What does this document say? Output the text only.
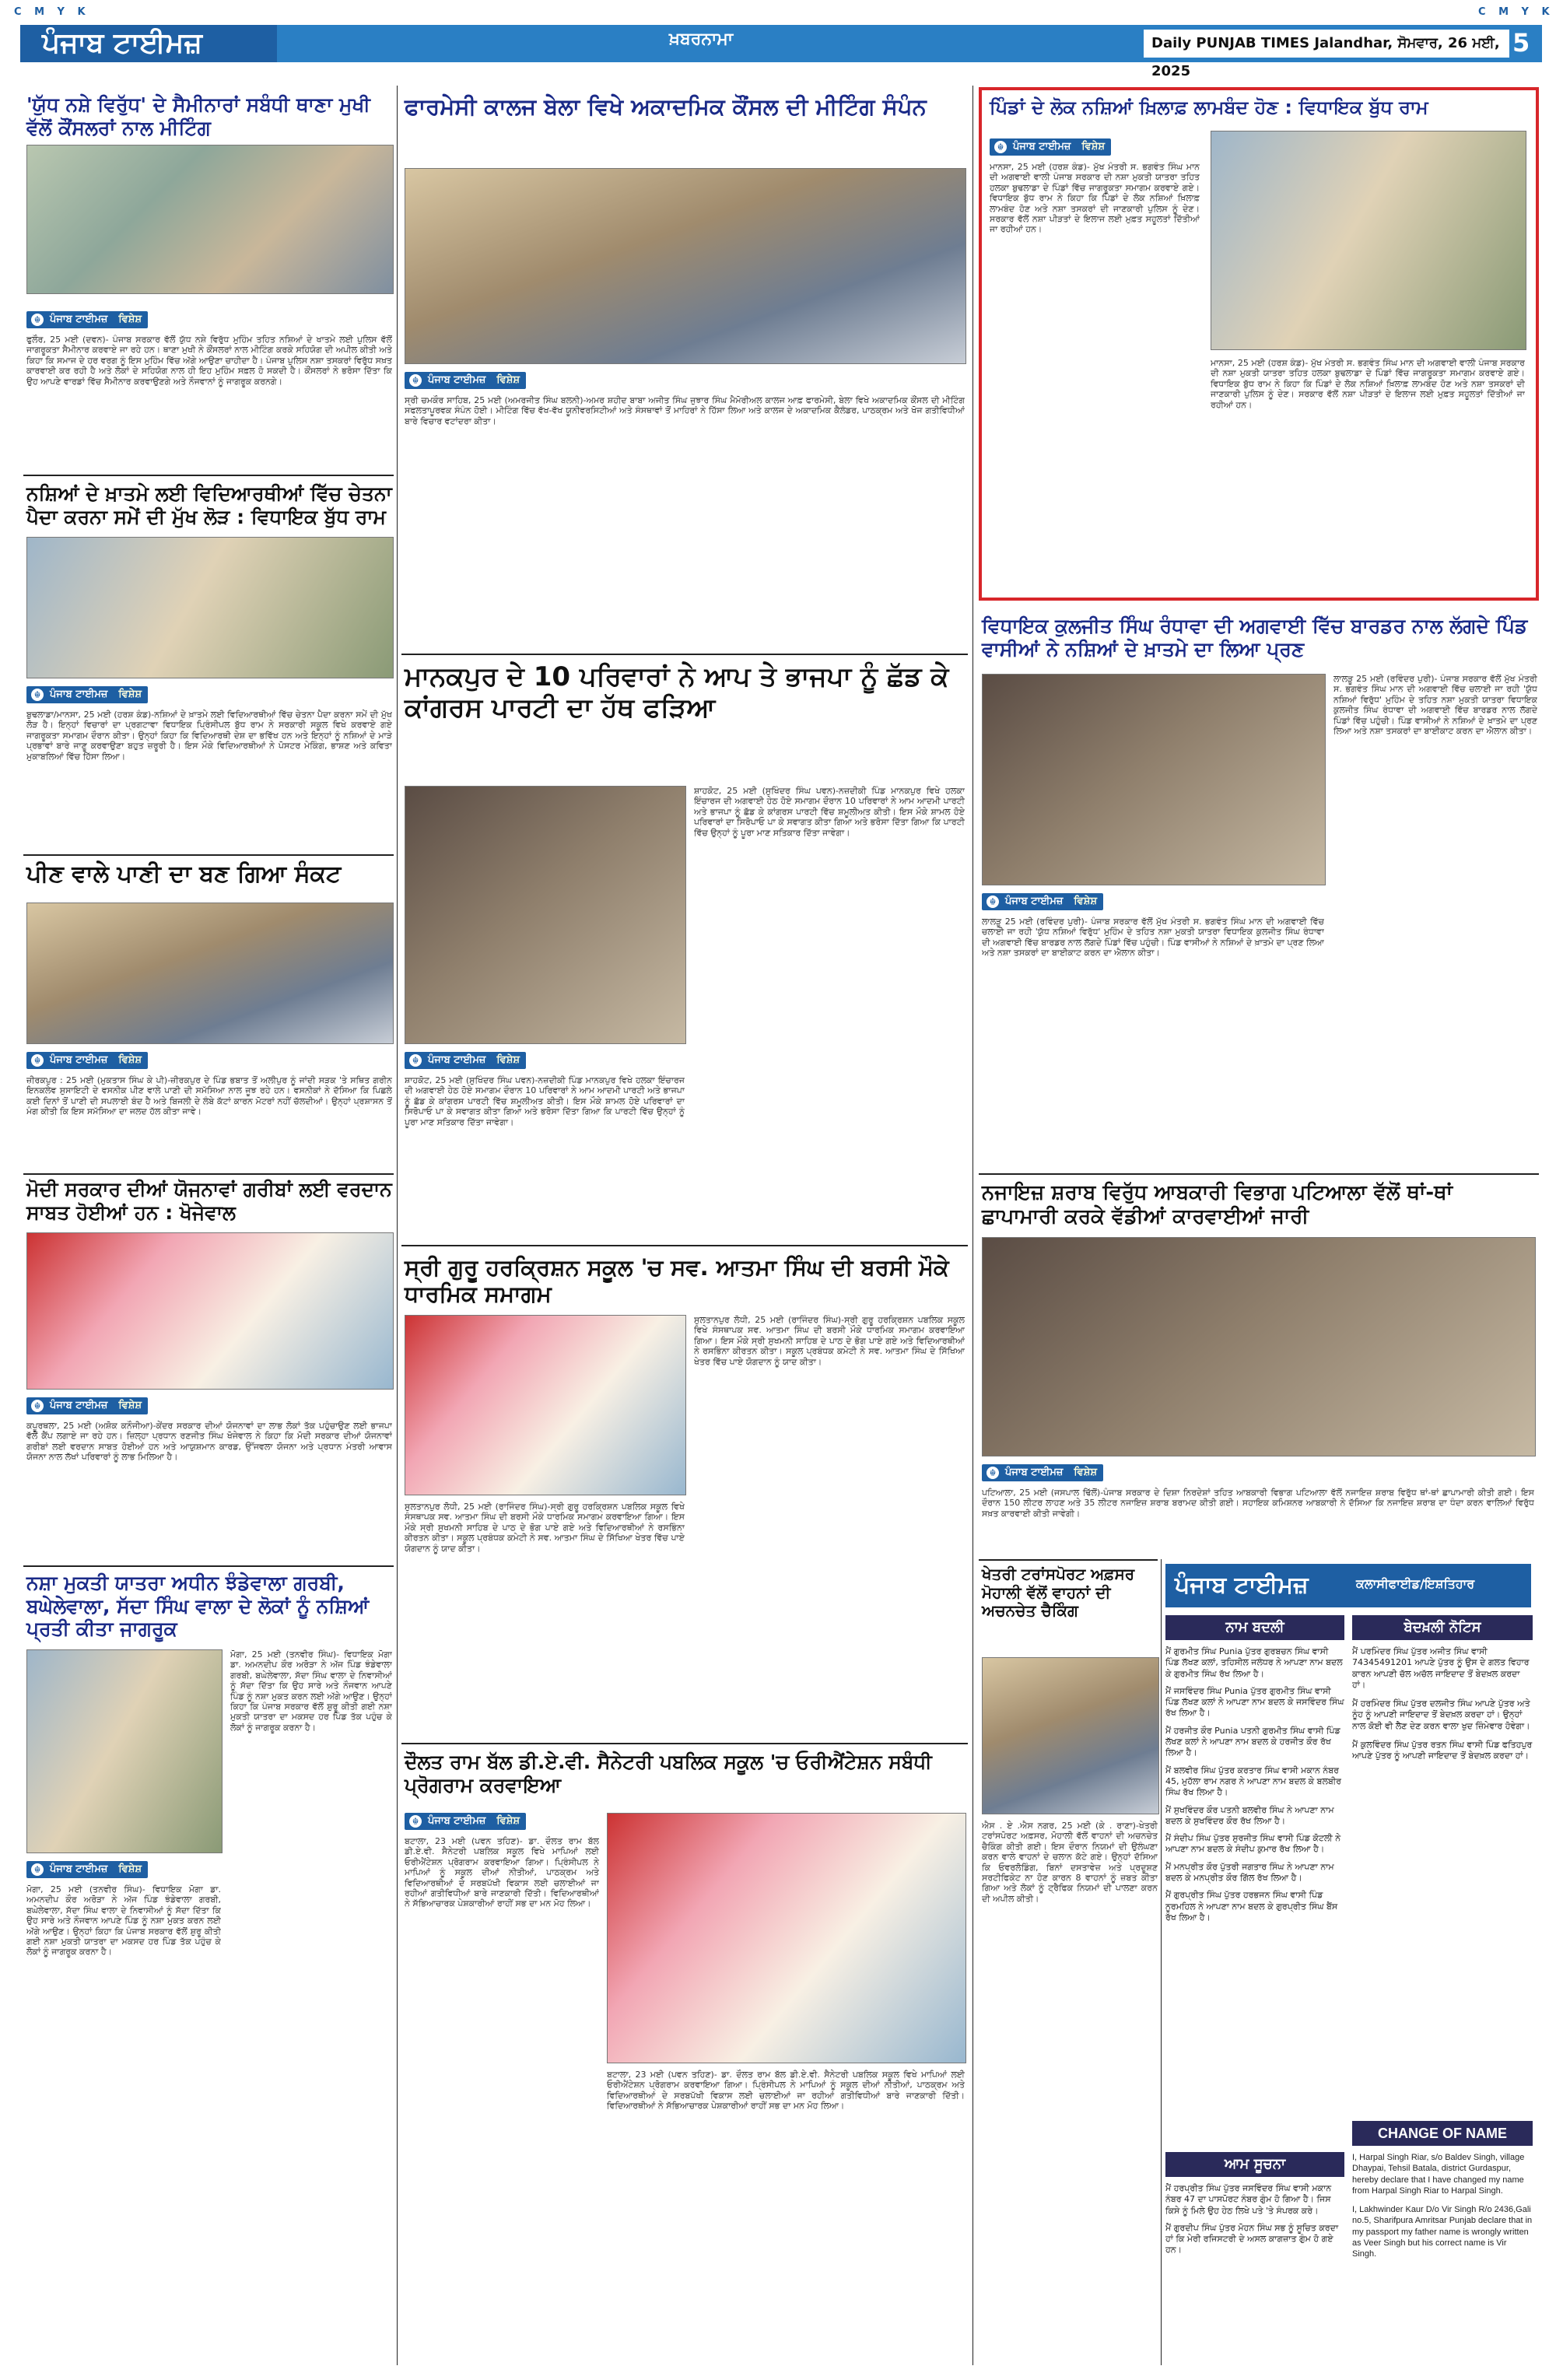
C M Y K	C M Y K
ਪੰਜਾਬ ਟਾਈਮਜ਼	ਖ਼ਬਰਨਾਮਾ	Daily PUNJAB TIMES Jalandhar, ਸੋਮਵਾਰ, 26 ਮਈ, 2025
5
'ਯੁੱਧ ਨਸ਼ੇ ਵਿਰੁੱਧ' ਦੇ ਸੈਮੀਨਾਰਾਂ ਸਬੰਧੀ ਥਾਣਾ ਮੁਖੀ ਵੱਲੋਂ ਕੌਂਸਲਰਾਂ ਨਾਲ ਮੀਟਿੰਗ
☬ ਪੰਜਾਬ ਟਾਈਮਜ਼ ਵਿਸ਼ੇਸ਼
ਫੁਲੌਰ, 25 ਮਈ (ਦਵਨ)- ਪੰਜਾਬ ਸਰਕਾਰ ਵੱਲੋਂ ਯੁੱਧ ਨਸ਼ੇ ਵਿਰੁੱਧ ਮੁਹਿੰਮ ਤਹਿਤ ਨਸ਼ਿਆਂ ਦੇ ਖਾਤਮੇ ਲਈ ਪੁਲਿਸ ਵੱਲੋਂ ਜਾਗਰੂਕਤਾ ਸੈਮੀਨਾਰ ਕਰਵਾਏ ਜਾ ਰਹੇ ਹਨ। ਥਾਣਾ ਮੁਖੀ ਨੇ ਕੌਂਸਲਰਾਂ ਨਾਲ ਮੀਟਿੰਗ ਕਰਕੇ ਸਹਿਯੋਗ ਦੀ ਅਪੀਲ ਕੀਤੀ ਅਤੇ ਕਿਹਾ ਕਿ ਸਮਾਜ ਦੇ ਹਰ ਵਰਗ ਨੂੰ ਇਸ ਮੁਹਿੰਮ ਵਿੱਚ ਅੱਗੇ ਆਉਣਾ ਚਾਹੀਦਾ ਹੈ। ਪੰਜਾਬ ਪੁਲਿਸ ਨਸ਼ਾ ਤਸਕਰਾਂ ਵਿਰੁੱਧ ਸਖ਼ਤ ਕਾਰਵਾਈ ਕਰ ਰਹੀ ਹੈ ਅਤੇ ਲੋਕਾਂ ਦੇ ਸਹਿਯੋਗ ਨਾਲ ਹੀ ਇਹ ਮੁਹਿੰਮ ਸਫ਼ਲ ਹੋ ਸਕਦੀ ਹੈ। ਕੌਂਸਲਰਾਂ ਨੇ ਭਰੋਸਾ ਦਿੱਤਾ ਕਿ ਉਹ ਆਪਣੇ ਵਾਰਡਾਂ ਵਿੱਚ ਸੈਮੀਨਾਰ ਕਰਵਾਉਣਗੇ ਅਤੇ ਨੌਜਵਾਨਾਂ ਨੂੰ ਜਾਗਰੂਕ ਕਰਨਗੇ।
ਨਸ਼ਿਆਂ ਦੇ ਖ਼ਾਤਮੇ ਲਈ ਵਿਦਿਆਰਥੀਆਂ ਵਿੱਚ ਚੇਤਨਾ ਪੈਦਾ ਕਰਨਾ ਸਮੇਂ ਦੀ ਮੁੱਖ ਲੋੜ : ਵਿਧਾਇਕ ਬੁੱਧ ਰਾਮ
☬ ਪੰਜਾਬ ਟਾਈਮਜ਼ ਵਿਸ਼ੇਸ਼
ਬੁਢਲਾਡਾ/ਮਾਨਸਾ, 25 ਮਈ (ਹਰਸ਼ ਕੰਡ)-ਨਸ਼ਿਆਂ ਦੇ ਖ਼ਾਤਮੇ ਲਈ ਵਿਦਿਆਰਥੀਆਂ ਵਿੱਚ ਚੇਤਨਾ ਪੈਦਾ ਕਰਨਾ ਸਮੇਂ ਦੀ ਮੁੱਖ ਲੋੜ ਹੈ। ਇਨ੍ਹਾਂ ਵਿਚਾਰਾਂ ਦਾ ਪ੍ਰਗਟਾਵਾ ਵਿਧਾਇਕ ਪ੍ਰਿੰਸੀਪਲ ਬੁੱਧ ਰਾਮ ਨੇ ਸਰਕਾਰੀ ਸਕੂਲ ਵਿਖੇ ਕਰਵਾਏ ਗਏ ਜਾਗਰੂਕਤਾ ਸਮਾਗਮ ਦੌਰਾਨ ਕੀਤਾ। ਉਨ੍ਹਾਂ ਕਿਹਾ ਕਿ ਵਿਦਿਆਰਥੀ ਦੇਸ਼ ਦਾ ਭਵਿੱਖ ਹਨ ਅਤੇ ਇਨ੍ਹਾਂ ਨੂੰ ਨਸ਼ਿਆਂ ਦੇ ਮਾੜੇ ਪ੍ਰਭਾਵਾਂ ਬਾਰੇ ਜਾਣੂ ਕਰਵਾਉਣਾ ਬਹੁਤ ਜ਼ਰੂਰੀ ਹੈ। ਇਸ ਮੌਕੇ ਵਿਦਿਆਰਥੀਆਂ ਨੇ ਪੋਸਟਰ ਮੇਕਿੰਗ, ਭਾਸ਼ਣ ਅਤੇ ਕਵਿਤਾ ਮੁਕਾਬਲਿਆਂ ਵਿੱਚ ਹਿੱਸਾ ਲਿਆ।
ਪੀਣ ਵਾਲੇ ਪਾਣੀ ਦਾ ਬਣ ਗਿਆ ਸੰਕਟ
☬ ਪੰਜਾਬ ਟਾਈਮਜ਼ ਵਿਸ਼ੇਸ਼
ਜ਼ੀਰਕਪੁਰ : 25 ਮਈ (ਮੁਕਤਾਸ ਸਿੰਘ ਕੇ ਪੀ)-ਜ਼ੀਰਕਪੁਰ ਦੇ ਪਿੰਡ ਭਬਾਤ ਤੋਂ ਅਲੀਪੁਰ ਨੂੰ ਜਾਂਦੀ ਸੜਕ 'ਤੇ ਸਥਿਤ ਗਰੀਨ ਇਨਕਲੇਵ ਸੁਸਾਇਟੀ ਦੇ ਵਸਨੀਕ ਪੀਣ ਵਾਲੇ ਪਾਣੀ ਦੀ ਸਮੱਸਿਆ ਨਾਲ ਜੂਝ ਰਹੇ ਹਨ। ਵਸਨੀਕਾਂ ਨੇ ਦੱਸਿਆ ਕਿ ਪਿਛਲੇ ਕਈ ਦਿਨਾਂ ਤੋਂ ਪਾਣੀ ਦੀ ਸਪਲਾਈ ਬੰਦ ਹੈ ਅਤੇ ਬਿਜਲੀ ਦੇ ਲੰਬੇ ਕੱਟਾਂ ਕਾਰਨ ਮੋਟਰਾਂ ਨਹੀਂ ਚੱਲਦੀਆਂ। ਉਨ੍ਹਾਂ ਪ੍ਰਸ਼ਾਸਨ ਤੋਂ ਮੰਗ ਕੀਤੀ ਕਿ ਇਸ ਸਮੱਸਿਆ ਦਾ ਜਲਦ ਹੱਲ ਕੀਤਾ ਜਾਵੇ।
ਮੋਦੀ ਸਰਕਾਰ ਦੀਆਂ ਯੋਜਨਾਵਾਂ ਗਰੀਬਾਂ ਲਈ ਵਰਦਾਨ ਸਾਬਤ ਹੋਈਆਂ ਹਨ : ਖੋਜੇਵਾਲ
☬ ਪੰਜਾਬ ਟਾਈਮਜ਼ ਵਿਸ਼ੇਸ਼
ਕਪੂਰਥਲਾ, 25 ਮਈ (ਅਸ਼ੋਕ ਕਨੌਜੀਆ)-ਕੇਂਦਰ ਸਰਕਾਰ ਦੀਆਂ ਯੋਜਨਾਵਾਂ ਦਾ ਲਾਭ ਲੋਕਾਂ ਤੱਕ ਪਹੁੰਚਾਉਣ ਲਈ ਭਾਜਪਾ ਵੱਲੋਂ ਕੈਂਪ ਲਗਾਏ ਜਾ ਰਹੇ ਹਨ। ਜ਼ਿਲ੍ਹਾ ਪ੍ਰਧਾਨ ਰਣਜੀਤ ਸਿੰਘ ਖੋਜੇਵਾਲ ਨੇ ਕਿਹਾ ਕਿ ਮੋਦੀ ਸਰਕਾਰ ਦੀਆਂ ਯੋਜਨਾਵਾਂ ਗਰੀਬਾਂ ਲਈ ਵਰਦਾਨ ਸਾਬਤ ਹੋਈਆਂ ਹਨ ਅਤੇ ਆਯੁਸ਼ਮਾਨ ਕਾਰਡ, ਉੱਜਵਲਾ ਯੋਜਨਾ ਅਤੇ ਪ੍ਰਧਾਨ ਮੰਤਰੀ ਆਵਾਸ ਯੋਜਨਾ ਨਾਲ ਲੱਖਾਂ ਪਰਿਵਾਰਾਂ ਨੂੰ ਲਾਭ ਮਿਲਿਆ ਹੈ।
ਨਸ਼ਾ ਮੁਕਤੀ ਯਾਤਰਾ ਅਧੀਨ ਝੰਡੇਵਾਲਾ ਗਰਬੀ, ਬਘੇਲੇਵਾਲਾ, ਸੱਦਾ ਸਿੰਘ ਵਾਲਾ ਦੇ ਲੋਕਾਂ ਨੂੰ ਨਸ਼ਿਆਂ ਪ੍ਰਤੀ ਕੀਤਾ ਜਾਗਰੂਕ
☬ ਪੰਜਾਬ ਟਾਈਮਜ਼ ਵਿਸ਼ੇਸ਼
ਮੋਗਾ, 25 ਮਈ (ਤਨਵੀਰ ਸਿੰਘ)- ਵਿਧਾਇਕ ਮੋਗਾ ਡਾ. ਅਮਨਦੀਪ ਕੌਰ ਅਰੋੜਾ ਨੇ ਅੱਜ ਪਿੰਡ ਝੰਡੇਵਾਲਾ ਗਰਬੀ, ਬਘੇਲੇਵਾਲਾ, ਸੱਦਾ ਸਿੰਘ ਵਾਲਾ ਦੇ ਨਿਵਾਸੀਆਂ ਨੂੰ ਸੱਦਾ ਦਿੱਤਾ ਕਿ ਉਹ ਸਾਰੇ ਅਤੇ ਨੌਜਵਾਨ ਆਪਣੇ ਪਿੰਡ ਨੂੰ ਨਸ਼ਾ ਮੁਕਤ ਕਰਨ ਲਈ ਅੱਗੇ ਆਉਣ। ਉਨ੍ਹਾਂ ਕਿਹਾ ਕਿ ਪੰਜਾਬ ਸਰਕਾਰ ਵੱਲੋਂ ਸ਼ੁਰੂ ਕੀਤੀ ਗਈ ਨਸ਼ਾ ਮੁਕਤੀ ਯਾਤਰਾ ਦਾ ਮਕਸਦ ਹਰ ਪਿੰਡ ਤੱਕ ਪਹੁੰਚ ਕੇ ਲੋਕਾਂ ਨੂੰ ਜਾਗਰੂਕ ਕਰਨਾ ਹੈ।
ਮੋਗਾ, 25 ਮਈ (ਤਨਵੀਰ ਸਿੰਘ)- ਵਿਧਾਇਕ ਮੋਗਾ ਡਾ. ਅਮਨਦੀਪ ਕੌਰ ਅਰੋੜਾ ਨੇ ਅੱਜ ਪਿੰਡ ਝੰਡੇਵਾਲਾ ਗਰਬੀ, ਬਘੇਲੇਵਾਲਾ, ਸੱਦਾ ਸਿੰਘ ਵਾਲਾ ਦੇ ਨਿਵਾਸੀਆਂ ਨੂੰ ਸੱਦਾ ਦਿੱਤਾ ਕਿ ਉਹ ਸਾਰੇ ਅਤੇ ਨੌਜਵਾਨ ਆਪਣੇ ਪਿੰਡ ਨੂੰ ਨਸ਼ਾ ਮੁਕਤ ਕਰਨ ਲਈ ਅੱਗੇ ਆਉਣ। ਉਨ੍ਹਾਂ ਕਿਹਾ ਕਿ ਪੰਜਾਬ ਸਰਕਾਰ ਵੱਲੋਂ ਸ਼ੁਰੂ ਕੀਤੀ ਗਈ ਨਸ਼ਾ ਮੁਕਤੀ ਯਾਤਰਾ ਦਾ ਮਕਸਦ ਹਰ ਪਿੰਡ ਤੱਕ ਪਹੁੰਚ ਕੇ ਲੋਕਾਂ ਨੂੰ ਜਾਗਰੂਕ ਕਰਨਾ ਹੈ।
ਫਾਰਮੇਸੀ ਕਾਲਜ ਬੇਲਾ ਵਿਖੇ ਅਕਾਦਮਿਕ ਕੌਂਸਲ ਦੀ ਮੀਟਿੰਗ ਸੰਪੰਨ
☬ ਪੰਜਾਬ ਟਾਈਮਜ਼ ਵਿਸ਼ੇਸ਼
ਸ੍ਰੀ ਚਮਕੌਰ ਸਾਹਿਬ, 25 ਮਈ (ਅਮਰਜੀਤ ਸਿੰਘ ਬਲਨੀ)-ਅਮਰ ਸ਼ਹੀਦ ਬਾਬਾ ਅਜੀਤ ਸਿੰਘ ਜੁਝਾਰ ਸਿੰਘ ਮੈਮੋਰੀਅਲ ਕਾਲਜ ਆਫ਼ ਫਾਰਮੇਸੀ, ਬੇਲਾ ਵਿਖੇ ਅਕਾਦਮਿਕ ਕੌਂਸਲ ਦੀ ਮੀਟਿੰਗ ਸਫਲਤਾਪੂਰਵਕ ਸੰਪੰਨ ਹੋਈ। ਮੀਟਿੰਗ ਵਿੱਚ ਵੱਖ-ਵੱਖ ਯੂਨੀਵਰਸਿਟੀਆਂ ਅਤੇ ਸੰਸਥਾਵਾਂ ਤੋਂ ਮਾਹਿਰਾਂ ਨੇ ਹਿੱਸਾ ਲਿਆ ਅਤੇ ਕਾਲਜ ਦੇ ਅਕਾਦਮਿਕ ਕੈਲੰਡਰ, ਪਾਠਕ੍ਰਮ ਅਤੇ ਖੋਜ ਗਤੀਵਿਧੀਆਂ ਬਾਰੇ ਵਿਚਾਰ ਵਟਾਂਦਰਾ ਕੀਤਾ।
ਮਾਨਕਪੁਰ ਦੇ 10 ਪਰਿਵਾਰਾਂ ਨੇ ਆਪ ਤੇ ਭਾਜਪਾ ਨੂੰ ਛੱਡ ਕੇ ਕਾਂਗਰਸ ਪਾਰਟੀ ਦਾ ਹੱਥ ਫੜਿਆ
☬ ਪੰਜਾਬ ਟਾਈਮਜ਼ ਵਿਸ਼ੇਸ਼
ਸ਼ਾਹਕੋਟ, 25 ਮਈ (ਸੁਖਿੰਦਰ ਸਿੰਘ ਪਵਨ)-ਨਜ਼ਦੀਕੀ ਪਿੰਡ ਮਾਨਕਪੁਰ ਵਿਖੇ ਹਲਕਾ ਇੰਚਾਰਜ ਦੀ ਅਗਵਾਈ ਹੇਠ ਹੋਏ ਸਮਾਗਮ ਦੌਰਾਨ 10 ਪਰਿਵਾਰਾਂ ਨੇ ਆਮ ਆਦਮੀ ਪਾਰਟੀ ਅਤੇ ਭਾਜਪਾ ਨੂੰ ਛੱਡ ਕੇ ਕਾਂਗਰਸ ਪਾਰਟੀ ਵਿੱਚ ਸ਼ਮੂਲੀਅਤ ਕੀਤੀ। ਇਸ ਮੌਕੇ ਸ਼ਾਮਲ ਹੋਏ ਪਰਿਵਾਰਾਂ ਦਾ ਸਿਰੋਪਾਓ ਪਾ ਕੇ ਸਵਾਗਤ ਕੀਤਾ ਗਿਆ ਅਤੇ ਭਰੋਸਾ ਦਿੱਤਾ ਗਿਆ ਕਿ ਪਾਰਟੀ ਵਿੱਚ ਉਨ੍ਹਾਂ ਨੂੰ ਪੂਰਾ ਮਾਣ ਸਤਿਕਾਰ ਦਿੱਤਾ ਜਾਵੇਗਾ।
ਸ਼ਾਹਕੋਟ, 25 ਮਈ (ਸੁਖਿੰਦਰ ਸਿੰਘ ਪਵਨ)-ਨਜ਼ਦੀਕੀ ਪਿੰਡ ਮਾਨਕਪੁਰ ਵਿਖੇ ਹਲਕਾ ਇੰਚਾਰਜ ਦੀ ਅਗਵਾਈ ਹੇਠ ਹੋਏ ਸਮਾਗਮ ਦੌਰਾਨ 10 ਪਰਿਵਾਰਾਂ ਨੇ ਆਮ ਆਦਮੀ ਪਾਰਟੀ ਅਤੇ ਭਾਜਪਾ ਨੂੰ ਛੱਡ ਕੇ ਕਾਂਗਰਸ ਪਾਰਟੀ ਵਿੱਚ ਸ਼ਮੂਲੀਅਤ ਕੀਤੀ। ਇਸ ਮੌਕੇ ਸ਼ਾਮਲ ਹੋਏ ਪਰਿਵਾਰਾਂ ਦਾ ਸਿਰੋਪਾਓ ਪਾ ਕੇ ਸਵਾਗਤ ਕੀਤਾ ਗਿਆ ਅਤੇ ਭਰੋਸਾ ਦਿੱਤਾ ਗਿਆ ਕਿ ਪਾਰਟੀ ਵਿੱਚ ਉਨ੍ਹਾਂ ਨੂੰ ਪੂਰਾ ਮਾਣ ਸਤਿਕਾਰ ਦਿੱਤਾ ਜਾਵੇਗਾ।
ਸ੍ਰੀ ਗੁਰੂ ਹਰਕ੍ਰਿਸ਼ਨ ਸਕੂਲ 'ਚ ਸਵ. ਆਤਮਾ ਸਿੰਘ ਦੀ ਬਰਸੀ ਮੌਕੇ ਧਾਰਮਿਕ ਸਮਾਗਮ
ਸੁਲਤਾਨਪੁਰ ਲੋਧੀ, 25 ਮਈ (ਰਾਜਿੰਦਰ ਸਿੰਘ)-ਸ੍ਰੀ ਗੁਰੂ ਹਰਕ੍ਰਿਸ਼ਨ ਪਬਲਿਕ ਸਕੂਲ ਵਿਖੇ ਸੰਸਥਾਪਕ ਸਵ. ਆਤਮਾ ਸਿੰਘ ਦੀ ਬਰਸੀ ਮੌਕੇ ਧਾਰਮਿਕ ਸਮਾਗਮ ਕਰਵਾਇਆ ਗਿਆ। ਇਸ ਮੌਕੇ ਸ੍ਰੀ ਸੁਖਮਨੀ ਸਾਹਿਬ ਦੇ ਪਾਠ ਦੇ ਭੋਗ ਪਾਏ ਗਏ ਅਤੇ ਵਿਦਿਆਰਥੀਆਂ ਨੇ ਰਸਭਿੰਨਾ ਕੀਰਤਨ ਕੀਤਾ। ਸਕੂਲ ਪ੍ਰਬੰਧਕ ਕਮੇਟੀ ਨੇ ਸਵ. ਆਤਮਾ ਸਿੰਘ ਦੇ ਸਿੱਖਿਆ ਖੇਤਰ ਵਿੱਚ ਪਾਏ ਯੋਗਦਾਨ ਨੂੰ ਯਾਦ ਕੀਤਾ।
ਸੁਲਤਾਨਪੁਰ ਲੋਧੀ, 25 ਮਈ (ਰਾਜਿੰਦਰ ਸਿੰਘ)-ਸ੍ਰੀ ਗੁਰੂ ਹਰਕ੍ਰਿਸ਼ਨ ਪਬਲਿਕ ਸਕੂਲ ਵਿਖੇ ਸੰਸਥਾਪਕ ਸਵ. ਆਤਮਾ ਸਿੰਘ ਦੀ ਬਰਸੀ ਮੌਕੇ ਧਾਰਮਿਕ ਸਮਾਗਮ ਕਰਵਾਇਆ ਗਿਆ। ਇਸ ਮੌਕੇ ਸ੍ਰੀ ਸੁਖਮਨੀ ਸਾਹਿਬ ਦੇ ਪਾਠ ਦੇ ਭੋਗ ਪਾਏ ਗਏ ਅਤੇ ਵਿਦਿਆਰਥੀਆਂ ਨੇ ਰਸਭਿੰਨਾ ਕੀਰਤਨ ਕੀਤਾ। ਸਕੂਲ ਪ੍ਰਬੰਧਕ ਕਮੇਟੀ ਨੇ ਸਵ. ਆਤਮਾ ਸਿੰਘ ਦੇ ਸਿੱਖਿਆ ਖੇਤਰ ਵਿੱਚ ਪਾਏ ਯੋਗਦਾਨ ਨੂੰ ਯਾਦ ਕੀਤਾ।
ਦੌਲਤ ਰਾਮ ਬੱਲ ਡੀ.ਏ.ਵੀ. ਸੈਨੇਟਰੀ ਪਬਲਿਕ ਸਕੂਲ 'ਚ ਓਰੀਐਂਟੇਸ਼ਨ ਸਬੰਧੀ ਪ੍ਰੋਗਰਾਮ ਕਰਵਾਇਆ
☬ ਪੰਜਾਬ ਟਾਈਮਜ਼ ਵਿਸ਼ੇਸ਼
ਬਟਾਲਾ, 23 ਮਈ (ਪਵਨ ਤਹਿਣ)- ਡਾ. ਦੌਲਤ ਰਾਮ ਬੱਲ ਡੀ.ਏ.ਵੀ. ਸੈਨੇਟਰੀ ਪਬਲਿਕ ਸਕੂਲ ਵਿਖੇ ਮਾਪਿਆਂ ਲਈ ਓਰੀਐਂਟੇਸ਼ਨ ਪ੍ਰੋਗਰਾਮ ਕਰਵਾਇਆ ਗਿਆ। ਪ੍ਰਿੰਸੀਪਲ ਨੇ ਮਾਪਿਆਂ ਨੂੰ ਸਕੂਲ ਦੀਆਂ ਨੀਤੀਆਂ, ਪਾਠਕ੍ਰਮ ਅਤੇ ਵਿਦਿਆਰਥੀਆਂ ਦੇ ਸਰਬਪੱਖੀ ਵਿਕਾਸ ਲਈ ਚਲਾਈਆਂ ਜਾ ਰਹੀਆਂ ਗਤੀਵਿਧੀਆਂ ਬਾਰੇ ਜਾਣਕਾਰੀ ਦਿੱਤੀ। ਵਿਦਿਆਰਥੀਆਂ ਨੇ ਸੱਭਿਆਚਾਰਕ ਪੇਸ਼ਕਾਰੀਆਂ ਰਾਹੀਂ ਸਭ ਦਾ ਮਨ ਮੋਹ ਲਿਆ।
ਬਟਾਲਾ, 23 ਮਈ (ਪਵਨ ਤਹਿਣ)- ਡਾ. ਦੌਲਤ ਰਾਮ ਬੱਲ ਡੀ.ਏ.ਵੀ. ਸੈਨੇਟਰੀ ਪਬਲਿਕ ਸਕੂਲ ਵਿਖੇ ਮਾਪਿਆਂ ਲਈ ਓਰੀਐਂਟੇਸ਼ਨ ਪ੍ਰੋਗਰਾਮ ਕਰਵਾਇਆ ਗਿਆ। ਪ੍ਰਿੰਸੀਪਲ ਨੇ ਮਾਪਿਆਂ ਨੂੰ ਸਕੂਲ ਦੀਆਂ ਨੀਤੀਆਂ, ਪਾਠਕ੍ਰਮ ਅਤੇ ਵਿਦਿਆਰਥੀਆਂ ਦੇ ਸਰਬਪੱਖੀ ਵਿਕਾਸ ਲਈ ਚਲਾਈਆਂ ਜਾ ਰਹੀਆਂ ਗਤੀਵਿਧੀਆਂ ਬਾਰੇ ਜਾਣਕਾਰੀ ਦਿੱਤੀ। ਵਿਦਿਆਰਥੀਆਂ ਨੇ ਸੱਭਿਆਚਾਰਕ ਪੇਸ਼ਕਾਰੀਆਂ ਰਾਹੀਂ ਸਭ ਦਾ ਮਨ ਮੋਹ ਲਿਆ।
ਪਿੰਡਾਂ ਦੇ ਲੋਕ ਨਸ਼ਿਆਂ ਖ਼ਿਲਾਫ਼ ਲਾਮਬੰਦ ਹੋਣ : ਵਿਧਾਇਕ ਬੁੱਧ ਰਾਮ
☬ ਪੰਜਾਬ ਟਾਈਮਜ਼ ਵਿਸ਼ੇਸ਼
ਮਾਨਸਾ, 25 ਮਈ (ਹਰਸ਼ ਕੰਡ)- ਮੁੱਖ ਮੰਤਰੀ ਸ. ਭਗਵੰਤ ਸਿੰਘ ਮਾਨ ਦੀ ਅਗਵਾਈ ਵਾਲੀ ਪੰਜਾਬ ਸਰਕਾਰ ਦੀ ਨਸ਼ਾ ਮੁਕਤੀ ਯਾਤਰਾ ਤਹਿਤ ਹਲਕਾ ਬੁਢਲਾਡਾ ਦੇ ਪਿੰਡਾਂ ਵਿੱਚ ਜਾਗਰੂਕਤਾ ਸਮਾਗਮ ਕਰਵਾਏ ਗਏ। ਵਿਧਾਇਕ ਬੁੱਧ ਰਾਮ ਨੇ ਕਿਹਾ ਕਿ ਪਿੰਡਾਂ ਦੇ ਲੋਕ ਨਸ਼ਿਆਂ ਖ਼ਿਲਾਫ਼ ਲਾਮਬੰਦ ਹੋਣ ਅਤੇ ਨਸ਼ਾ ਤਸਕਰਾਂ ਦੀ ਜਾਣਕਾਰੀ ਪੁਲਿਸ ਨੂੰ ਦੇਣ। ਸਰਕਾਰ ਵੱਲੋਂ ਨਸ਼ਾ ਪੀੜਤਾਂ ਦੇ ਇਲਾਜ ਲਈ ਮੁਫ਼ਤ ਸਹੂਲਤਾਂ ਦਿੱਤੀਆਂ ਜਾ ਰਹੀਆਂ ਹਨ।
ਮਾਨਸਾ, 25 ਮਈ (ਹਰਸ਼ ਕੰਡ)- ਮੁੱਖ ਮੰਤਰੀ ਸ. ਭਗਵੰਤ ਸਿੰਘ ਮਾਨ ਦੀ ਅਗਵਾਈ ਵਾਲੀ ਪੰਜਾਬ ਸਰਕਾਰ ਦੀ ਨਸ਼ਾ ਮੁਕਤੀ ਯਾਤਰਾ ਤਹਿਤ ਹਲਕਾ ਬੁਢਲਾਡਾ ਦੇ ਪਿੰਡਾਂ ਵਿੱਚ ਜਾਗਰੂਕਤਾ ਸਮਾਗਮ ਕਰਵਾਏ ਗਏ। ਵਿਧਾਇਕ ਬੁੱਧ ਰਾਮ ਨੇ ਕਿਹਾ ਕਿ ਪਿੰਡਾਂ ਦੇ ਲੋਕ ਨਸ਼ਿਆਂ ਖ਼ਿਲਾਫ਼ ਲਾਮਬੰਦ ਹੋਣ ਅਤੇ ਨਸ਼ਾ ਤਸਕਰਾਂ ਦੀ ਜਾਣਕਾਰੀ ਪੁਲਿਸ ਨੂੰ ਦੇਣ। ਸਰਕਾਰ ਵੱਲੋਂ ਨਸ਼ਾ ਪੀੜਤਾਂ ਦੇ ਇਲਾਜ ਲਈ ਮੁਫ਼ਤ ਸਹੂਲਤਾਂ ਦਿੱਤੀਆਂ ਜਾ ਰਹੀਆਂ ਹਨ।
ਵਿਧਾਇਕ ਕੁਲਜੀਤ ਸਿੰਘ ਰੰਧਾਵਾ ਦੀ ਅਗਵਾਈ ਵਿੱਚ ਬਾਰਡਰ ਨਾਲ ਲੱਗਦੇ ਪਿੰਡ ਵਾਸੀਆਂ ਨੇ ਨਸ਼ਿਆਂ ਦੇ ਖ਼ਾਤਮੇ ਦਾ ਲਿਆ ਪ੍ਰਣ
☬ ਪੰਜਾਬ ਟਾਈਮਜ਼ ਵਿਸ਼ੇਸ਼
ਲਾਲੜੂ 25 ਮਈ (ਰਵਿੰਦਰ ਪੁਰੀ)- ਪੰਜਾਬ ਸਰਕਾਰ ਵੱਲੋਂ ਮੁੱਖ ਮੰਤਰੀ ਸ. ਭਗਵੰਤ ਸਿੰਘ ਮਾਨ ਦੀ ਅਗਵਾਈ ਵਿੱਚ ਚਲਾਈ ਜਾ ਰਹੀ 'ਯੁੱਧ ਨਸ਼ਿਆਂ ਵਿਰੁੱਧ' ਮੁਹਿੰਮ ਦੇ ਤਹਿਤ ਨਸ਼ਾ ਮੁਕਤੀ ਯਾਤਰਾ ਵਿਧਾਇਕ ਕੁਲਜੀਤ ਸਿੰਘ ਰੰਧਾਵਾ ਦੀ ਅਗਵਾਈ ਵਿੱਚ ਬਾਰਡਰ ਨਾਲ ਲੱਗਦੇ ਪਿੰਡਾਂ ਵਿੱਚ ਪਹੁੰਚੀ। ਪਿੰਡ ਵਾਸੀਆਂ ਨੇ ਨਸ਼ਿਆਂ ਦੇ ਖ਼ਾਤਮੇ ਦਾ ਪ੍ਰਣ ਲਿਆ ਅਤੇ ਨਸ਼ਾ ਤਸਕਰਾਂ ਦਾ ਬਾਈਕਾਟ ਕਰਨ ਦਾ ਐਲਾਨ ਕੀਤਾ।
ਲਾਲੜੂ 25 ਮਈ (ਰਵਿੰਦਰ ਪੁਰੀ)- ਪੰਜਾਬ ਸਰਕਾਰ ਵੱਲੋਂ ਮੁੱਖ ਮੰਤਰੀ ਸ. ਭਗਵੰਤ ਸਿੰਘ ਮਾਨ ਦੀ ਅਗਵਾਈ ਵਿੱਚ ਚਲਾਈ ਜਾ ਰਹੀ 'ਯੁੱਧ ਨਸ਼ਿਆਂ ਵਿਰੁੱਧ' ਮੁਹਿੰਮ ਦੇ ਤਹਿਤ ਨਸ਼ਾ ਮੁਕਤੀ ਯਾਤਰਾ ਵਿਧਾਇਕ ਕੁਲਜੀਤ ਸਿੰਘ ਰੰਧਾਵਾ ਦੀ ਅਗਵਾਈ ਵਿੱਚ ਬਾਰਡਰ ਨਾਲ ਲੱਗਦੇ ਪਿੰਡਾਂ ਵਿੱਚ ਪਹੁੰਚੀ। ਪਿੰਡ ਵਾਸੀਆਂ ਨੇ ਨਸ਼ਿਆਂ ਦੇ ਖ਼ਾਤਮੇ ਦਾ ਪ੍ਰਣ ਲਿਆ ਅਤੇ ਨਸ਼ਾ ਤਸਕਰਾਂ ਦਾ ਬਾਈਕਾਟ ਕਰਨ ਦਾ ਐਲਾਨ ਕੀਤਾ।
ਨਜਾਇਜ਼ ਸ਼ਰਾਬ ਵਿਰੁੱਧ ਆਬਕਾਰੀ ਵਿਭਾਗ ਪਟਿਆਲਾ ਵੱਲੋਂ ਥਾਂ-ਥਾਂ ਛਾਪਾਮਾਰੀ ਕਰਕੇ ਵੱਡੀਆਂ ਕਾਰਵਾਈਆਂ ਜਾਰੀ
☬ ਪੰਜਾਬ ਟਾਈਮਜ਼ ਵਿਸ਼ੇਸ਼
ਪਟਿਆਲਾ, 25 ਮਈ (ਜਸਪਾਲ ਢਿੱਲੋਂ)-ਪੰਜਾਬ ਸਰਕਾਰ ਦੇ ਦਿਸ਼ਾ ਨਿਰਦੇਸ਼ਾਂ ਤਹਿਤ ਆਬਕਾਰੀ ਵਿਭਾਗ ਪਟਿਆਲਾ ਵੱਲੋਂ ਨਜਾਇਜ਼ ਸ਼ਰਾਬ ਵਿਰੁੱਧ ਥਾਂ-ਥਾਂ ਛਾਪਾਮਾਰੀ ਕੀਤੀ ਗਈ। ਇਸ ਦੌਰਾਨ 150 ਲੀਟਰ ਲਾਹਣ ਅਤੇ 35 ਲੀਟਰ ਨਜਾਇਜ਼ ਸ਼ਰਾਬ ਬਰਾਮਦ ਕੀਤੀ ਗਈ। ਸਹਾਇਕ ਕਮਿਸ਼ਨਰ ਆਬਕਾਰੀ ਨੇ ਦੱਸਿਆ ਕਿ ਨਜਾਇਜ਼ ਸ਼ਰਾਬ ਦਾ ਧੰਦਾ ਕਰਨ ਵਾਲਿਆਂ ਵਿਰੁੱਧ ਸਖ਼ਤ ਕਾਰਵਾਈ ਕੀਤੀ ਜਾਵੇਗੀ।
ਖੇਤਰੀ ਟਰਾਂਸਪੋਰਟ ਅਫ਼ਸਰ ਮੋਹਾਲੀ ਵੱਲੋਂ ਵਾਹਨਾਂ ਦੀ ਅਚਨਚੇਤ ਚੈਕਿੰਗ
ਐਸ . ਏ .ਐਸ ਨਗਰ, 25 ਮਈ (ਕੇ . ਰਾਣਾ)-ਖੇਤਰੀ ਟਰਾਂਸਪੋਰਟ ਅਫ਼ਸਰ, ਮੋਹਾਲੀ ਵੱਲੋਂ ਵਾਹਨਾਂ ਦੀ ਅਚਨਚੇਤ ਚੈਕਿੰਗ ਕੀਤੀ ਗਈ। ਇਸ ਦੌਰਾਨ ਨਿਯਮਾਂ ਦੀ ਉਲੰਘਣਾ ਕਰਨ ਵਾਲੇ ਵਾਹਨਾਂ ਦੇ ਚਲਾਨ ਕੱਟੇ ਗਏ। ਉਨ੍ਹਾਂ ਦੱਸਿਆ ਕਿ ਓਵਰਲੋਡਿੰਗ, ਬਿਨਾਂ ਦਸਤਾਵੇਜ਼ ਅਤੇ ਪ੍ਰਦੂਸ਼ਣ ਸਰਟੀਫਿਕੇਟ ਨਾ ਹੋਣ ਕਾਰਨ 8 ਵਾਹਨਾਂ ਨੂੰ ਜ਼ਬਤ ਕੀਤਾ ਗਿਆ ਅਤੇ ਲੋਕਾਂ ਨੂੰ ਟ੍ਰੈਫਿਕ ਨਿਯਮਾਂ ਦੀ ਪਾਲਣਾ ਕਰਨ ਦੀ ਅਪੀਲ ਕੀਤੀ।
ਪੰਜਾਬ ਟਾਈਮਜ਼	ਕਲਾਸੀਫਾਈਡ/ਇਸ਼ਤਿਹਾਰ
ਨਾਮ ਬਦਲੀ
ਮੈਂ ਗੁਰਮੀਤ ਸਿੰਘ Punia ਪੁੱਤਰ ਗੁਰਬਚਨ ਸਿੰਘ ਵਾਸੀ ਪਿੰਡ ਲੱਖਣ ਕਲਾਂ, ਤਹਿਸੀਲ ਜਲੰਧਰ ਨੇ ਆਪਣਾ ਨਾਮ ਬਦਲ ਕੇ ਗੁਰਮੀਤ ਸਿੰਘ ਰੱਖ ਲਿਆ ਹੈ।
ਮੈਂ ਜਸਵਿੰਦਰ ਸਿੰਘ Punia ਪੁੱਤਰ ਗੁਰਮੀਤ ਸਿੰਘ ਵਾਸੀ ਪਿੰਡ ਲੱਖਣ ਕਲਾਂ ਨੇ ਆਪਣਾ ਨਾਮ ਬਦਲ ਕੇ ਜਸਵਿੰਦਰ ਸਿੰਘ ਰੱਖ ਲਿਆ ਹੈ।
ਮੈਂ ਹਰਜੀਤ ਕੌਰ Punia ਪਤਨੀ ਗੁਰਮੀਤ ਸਿੰਘ ਵਾਸੀ ਪਿੰਡ ਲੱਖਣ ਕਲਾਂ ਨੇ ਆਪਣਾ ਨਾਮ ਬਦਲ ਕੇ ਹਰਜੀਤ ਕੌਰ ਰੱਖ ਲਿਆ ਹੈ।
ਮੈਂ ਬਲਵੀਰ ਸਿੰਘ ਪੁੱਤਰ ਕਰਤਾਰ ਸਿੰਘ ਵਾਸੀ ਮਕਾਨ ਨੰਬਰ 45, ਮੁਹੱਲਾ ਰਾਮ ਨਗਰ ਨੇ ਆਪਣਾ ਨਾਮ ਬਦਲ ਕੇ ਬਲਬੀਰ ਸਿੰਘ ਰੱਖ ਲਿਆ ਹੈ।
ਮੈਂ ਸੁਖਵਿੰਦਰ ਕੌਰ ਪਤਨੀ ਬਲਵੀਰ ਸਿੰਘ ਨੇ ਆਪਣਾ ਨਾਮ ਬਦਲ ਕੇ ਸੁਖਵਿੰਦਰ ਕੌਰ ਰੱਖ ਲਿਆ ਹੈ।
ਮੈਂ ਸੰਦੀਪ ਸਿੰਘ ਪੁੱਤਰ ਸੁਰਜੀਤ ਸਿੰਘ ਵਾਸੀ ਪਿੰਡ ਕੋਟਲੀ ਨੇ ਆਪਣਾ ਨਾਮ ਬਦਲ ਕੇ ਸੰਦੀਪ ਕੁਮਾਰ ਰੱਖ ਲਿਆ ਹੈ।
ਮੈਂ ਮਨਪ੍ਰੀਤ ਕੌਰ ਪੁੱਤਰੀ ਜਗਤਾਰ ਸਿੰਘ ਨੇ ਆਪਣਾ ਨਾਮ ਬਦਲ ਕੇ ਮਨਪ੍ਰੀਤ ਕੌਰ ਗਿੱਲ ਰੱਖ ਲਿਆ ਹੈ।
ਮੈਂ ਗੁਰਪ੍ਰੀਤ ਸਿੰਘ ਪੁੱਤਰ ਹਰਭਜਨ ਸਿੰਘ ਵਾਸੀ ਪਿੰਡ ਨੂਰਮਹਿਲ ਨੇ ਆਪਣਾ ਨਾਮ ਬਦਲ ਕੇ ਗੁਰਪ੍ਰੀਤ ਸਿੰਘ ਬੈਂਸ ਰੱਖ ਲਿਆ ਹੈ।
ਬੇਦਖ਼ਲੀ ਨੋਟਿਸ
ਮੈਂ ਪਰਮਿੰਦਰ ਸਿੰਘ ਪੁੱਤਰ ਅਜੀਤ ਸਿੰਘ ਵਾਸੀ 74345491201 ਆਪਣੇ ਪੁੱਤਰ ਨੂੰ ਉਸ ਦੇ ਗਲਤ ਵਿਹਾਰ ਕਾਰਨ ਆਪਣੀ ਚੱਲ ਅਚੱਲ ਜਾਇਦਾਦ ਤੋਂ ਬੇਦਖ਼ਲ ਕਰਦਾ ਹਾਂ।
ਮੈਂ ਹਰਮਿੰਦਰ ਸਿੰਘ ਪੁੱਤਰ ਦਲਜੀਤ ਸਿੰਘ ਆਪਣੇ ਪੁੱਤਰ ਅਤੇ ਨੂੰਹ ਨੂੰ ਆਪਣੀ ਜਾਇਦਾਦ ਤੋਂ ਬੇਦਖ਼ਲ ਕਰਦਾ ਹਾਂ। ਉਨ੍ਹਾਂ ਨਾਲ ਕੋਈ ਵੀ ਲੈਣ ਦੇਣ ਕਰਨ ਵਾਲਾ ਖੁਦ ਜ਼ਿੰਮੇਵਾਰ ਹੋਵੇਗਾ।
ਮੈਂ ਕੁਲਵਿੰਦਰ ਸਿੰਘ ਪੁੱਤਰ ਰਤਨ ਸਿੰਘ ਵਾਸੀ ਪਿੰਡ ਫਤਿਹਪੁਰ ਆਪਣੇ ਪੁੱਤਰ ਨੂੰ ਆਪਣੀ ਜਾਇਦਾਦ ਤੋਂ ਬੇਦਖ਼ਲ ਕਰਦਾ ਹਾਂ।
ਆਮ ਸੂਚਨਾ
ਮੈਂ ਹਰਪ੍ਰੀਤ ਸਿੰਘ ਪੁੱਤਰ ਜਸਵਿੰਦਰ ਸਿੰਘ ਵਾਸੀ ਮਕਾਨ ਨੰਬਰ 47 ਦਾ ਪਾਸਪੋਰਟ ਨੰਬਰ ਗੁੰਮ ਹੋ ਗਿਆ ਹੈ। ਜਿਸ ਕਿਸੇ ਨੂੰ ਮਿਲੇ ਉਹ ਹੇਠ ਲਿਖੇ ਪਤੇ 'ਤੇ ਸੰਪਰਕ ਕਰੇ।
ਮੈਂ ਗੁਰਦੀਪ ਸਿੰਘ ਪੁੱਤਰ ਮੋਹਨ ਸਿੰਘ ਸਭ ਨੂੰ ਸੂਚਿਤ ਕਰਦਾ ਹਾਂ ਕਿ ਮੇਰੀ ਰਜਿਸਟਰੀ ਦੇ ਅਸਲ ਕਾਗਜ਼ਾਤ ਗੁੰਮ ਹੋ ਗਏ ਹਨ।
CHANGE OF NAME
I, Harpal Singh Riar, s/o Baldev Singh, village Dhaypai, Tehsil Batala, district Gurdaspur, hereby declare that I have changed my name from Harpal Singh Riar to Harpal Singh.
I, Lakhwinder Kaur D/o Vir Singh R/o 2436,Gali no.5, Sharifpura Amritsar Punjab declare that in my passport my father name is wrongly written as Veer Singh but his correct name is Vir Singh.
